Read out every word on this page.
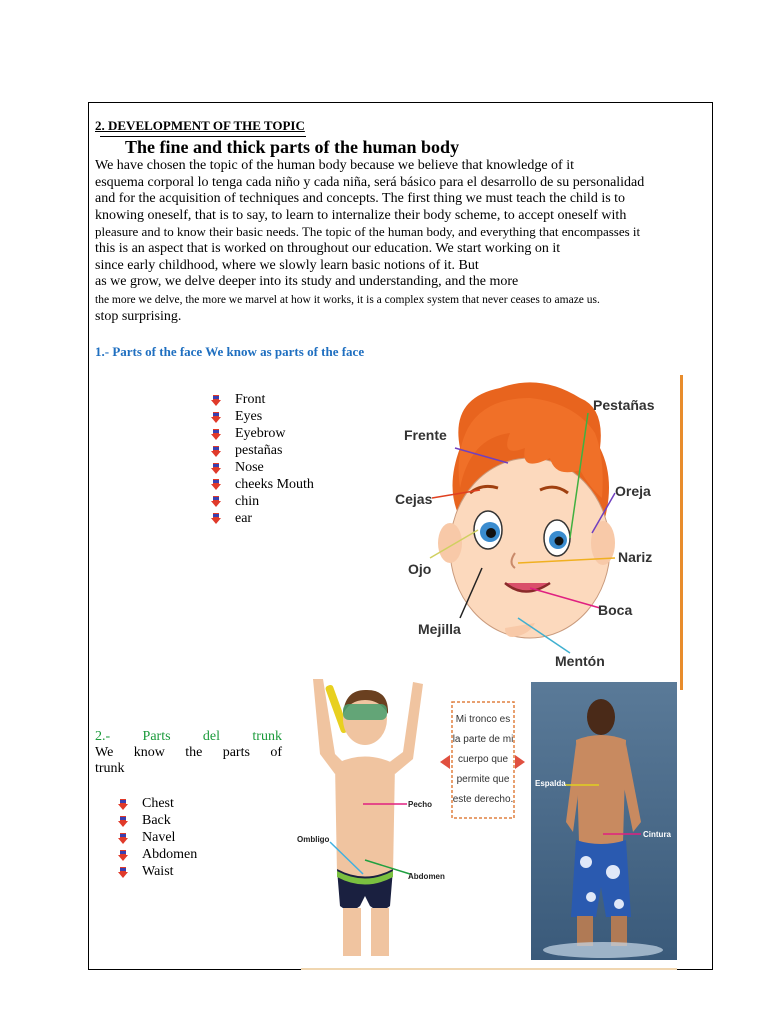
2. DEVELOPMENT OF THE TOPIC
The fine and thick parts of the human body
We have chosen the topic of the human body because we believe that knowledge of it
esquema corporal lo tenga cada niño y cada niña, será básico para el desarrollo de su personalidad
and for the acquisition of techniques and concepts. The first thing we must teach the child is to
knowing oneself, that is to say, to learn to internalize their body scheme, to accept oneself with
pleasure and to know their basic needs. The topic of the human body, and everything that encompasses it
this is an aspect that is worked on throughout our education. We start working on it
since early childhood, where we slowly learn basic notions of it. But
as we grow, we delve deeper into its study and understanding, and the more
the more we delve, the more we marvel at how it works, it is a complex system that never ceases to amaze us.
stop surprising.
1.- Parts of the face We know as parts of the face
Front
Eyes
Eyebrow
pestañas
Nose
cheeks Mouth
chin
ear
Frente
Pestañas
Cejas	Oreja
Ojo
Nariz
Boca
Mejilla
Mentón
2.- Parts del trunk
We know the parts of
trunk
Chest
Back
Navel
Abdomen
Waist
Pecho
Ombligo
Abdomen
Mi tronco es
la parte de mi
cuerpo que
permite que
este derecho.
Espalda
Cintura
